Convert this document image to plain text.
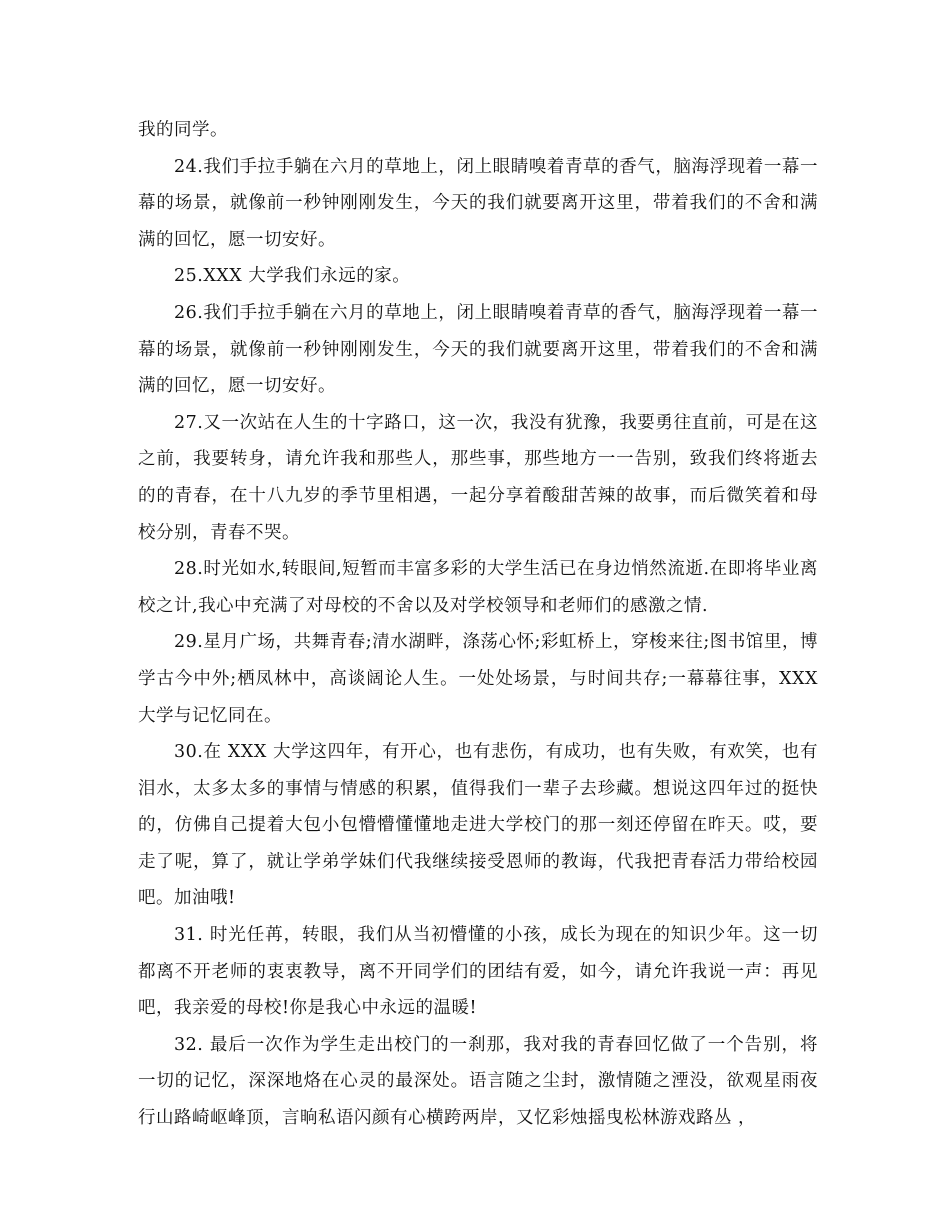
我的同学。

24.我们手拉手躺在六月的草地上，闭上眼睛嗅着青草的香气，脑海浮现着一幕一幕的场景，就像前一秒钟刚刚发生，今天的我们就要离开这里，带着我们的不舍和满满的回忆，愿一切安好。

25.XXX 大学我们永远的家。

26.我们手拉手躺在六月的草地上，闭上眼睛嗅着青草的香气，脑海浮现着一幕一幕的场景，就像前一秒钟刚刚发生，今天的我们就要离开这里，带着我们的不舍和满满的回忆，愿一切安好。

27.又一次站在人生的十字路口，这一次，我没有犹豫，我要勇往直前，可是在这之前，我要转身，请允许我和那些人，那些事，那些地方一一告别，致我们终将逝去的的青春，在十八九岁的季节里相遇，一起分享着酸甜苦辣的故事，而后微笑着和母校分别，青春不哭。

28.时光如水,转眼间,短暂而丰富多彩的大学生活已在身边悄然流逝.在即将毕业离校之计,我心中充满了对母校的不舍以及对学校领导和老师们的感激之情.

29.星月广场，共舞青春;清水湖畔，涤荡心怀;彩虹桥上，穿梭来往;图书馆里，博学古今中外;栖凤林中，高谈阔论人生。一处处场景，与时间共存;一幕幕往事，XXX 大学与记忆同在。

30.在 XXX 大学这四年，有开心，也有悲伤，有成功，也有失败，有欢笑，也有泪水，太多太多的事情与情感的积累，值得我们一辈子去珍藏。想说这四年过的挺快的，仿佛自己提着大包小包懵懵懂懂地走进大学校门的那一刻还停留在昨天。哎，要走了呢，算了，就让学弟学妹们代我继续接受恩师的教诲，代我把青春活力带给校园吧。加油哦!

31. 时光任苒，转眼，我们从当初懵懂的小孩，成长为现在的知识少年。这一切都离不开老师的衷衷教导，离不开同学们的团结有爱，如今，请允许我说一声：再见吧，我亲爱的母校!你是我心中永远的温暖!

32. 最后一次作为学生走出校门的一刹那，我对我的青春回忆做了一个告别，将一切的记忆，深深地烙在心灵的最深处。语言随之尘封，激情随之湮没，欲观星雨夜行山路崎岖峰顶，言晌私语闪颜有心横跨两岸，又忆彩烛摇曳松林游戏路丛 ，
